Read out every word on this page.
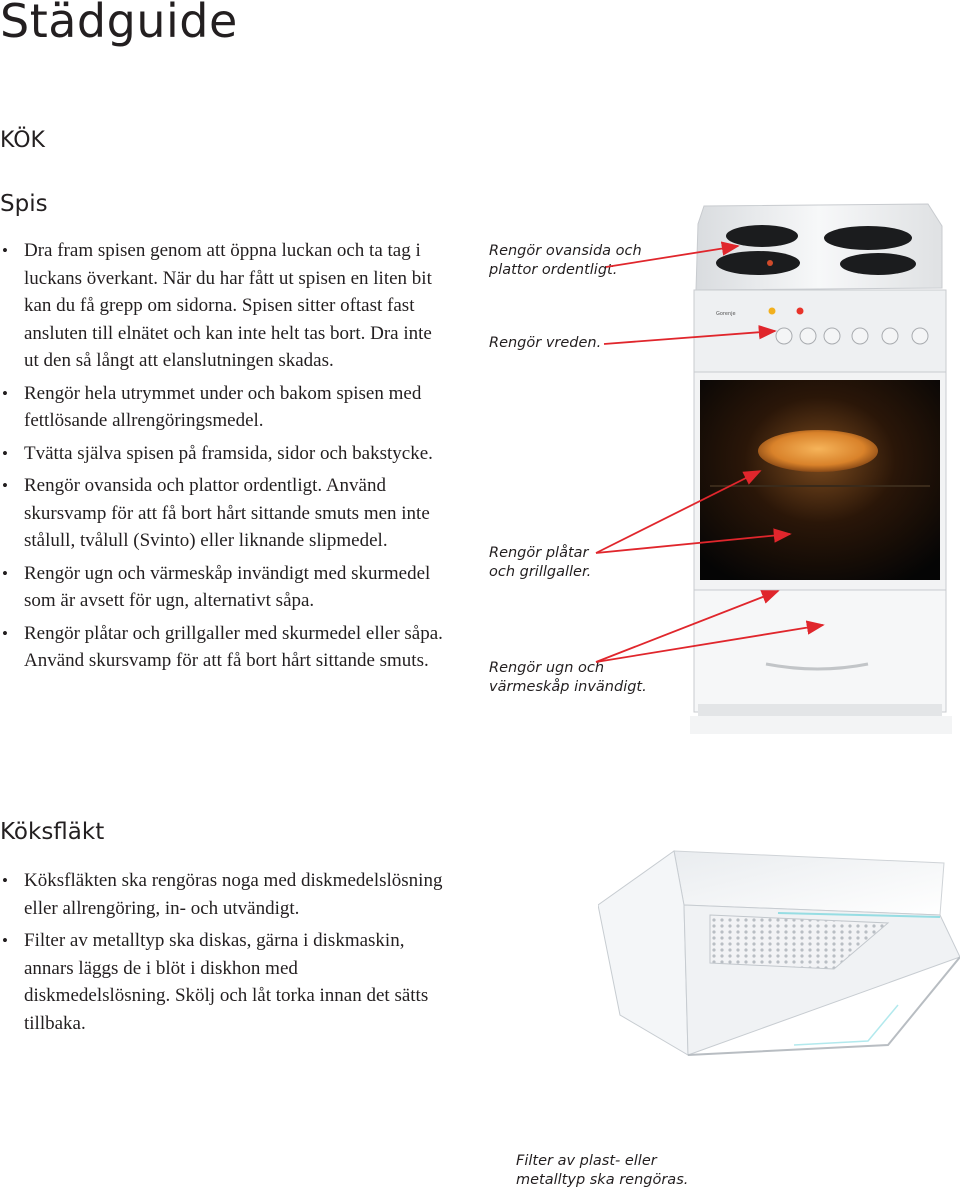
Städguide
KÖK
Spis
• Dra fram spisen genom att öppna luckan och ta tag i luckans överkant. När du har fått ut spisen en liten bit kan du få grepp om sidorna. Spisen sitter oftast fast ansluten till elnätet och kan inte helt tas bort. Dra inte ut den så långt att elanslutningen skadas.
• Rengör hela utrymmet under och bakom spisen med fettlösande allrengöringsmedel.
• Tvätta själva spisen på framsida, sidor och bakstycke.
• Rengör ovansida och plattor ordentligt. Använd skursvamp för att få bort hårt sittande smuts men inte stålull, tvålull (Svinto) eller liknande slipmedel.
• Rengör ugn och värmeskåp invändigt med skurmedel som är avsett för ugn, alternativt såpa.
• Rengör plåtar och grillgaller med skurmedel eller såpa. Använd skursvamp för att få bort hårt sittande smuts.
Gorenje
Rengör ovansida och plattor ordentligt.
Rengör vreden.
Rengör plåtar och grillgaller.
Rengör ugn och värmeskåp invändigt.
Köksfläkt
• Köksfläkten ska rengöras noga med diskmedelslösning eller allrengöring, in- och utvändigt.
• Filter av metalltyp ska diskas, gärna i diskmaskin, annars läggs de i blöt i diskhon med diskmedelslösning. Skölj och låt torka innan det sätts tillbaka.
Filter av plast- eller metalltyp ska rengöras.
